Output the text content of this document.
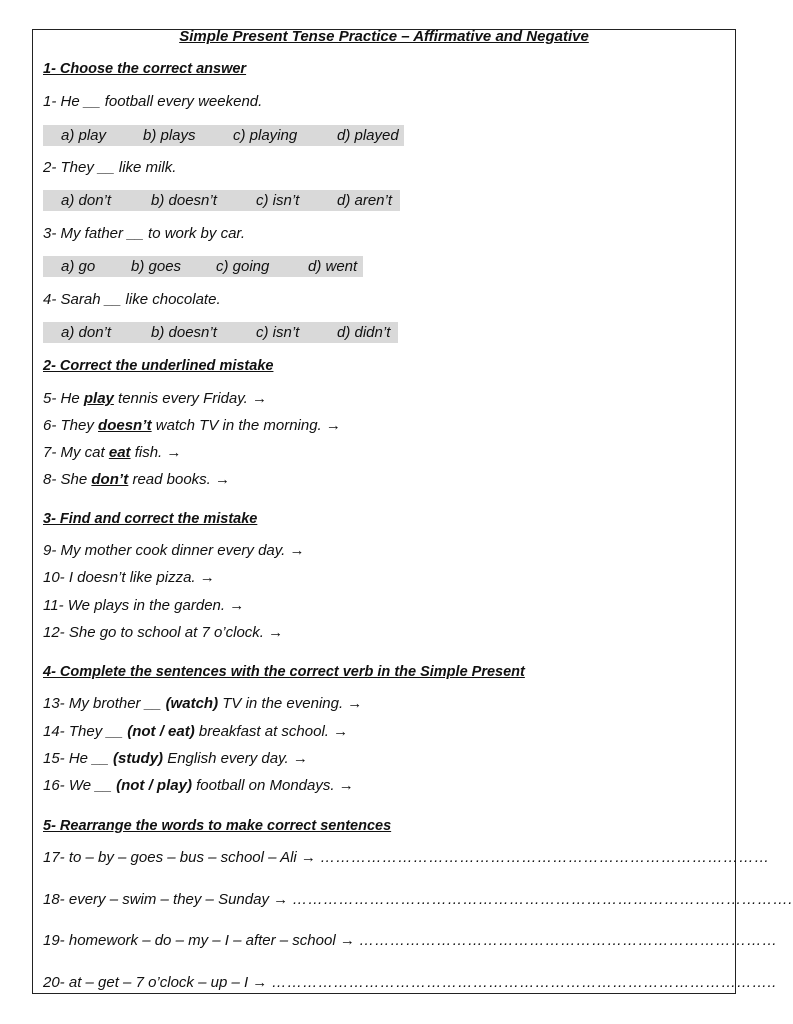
Simple Present Tense Practice – Affirmative and Negative
1- Choose the correct answer
1- He __ football every weekend.
a) play b) plays c) playing	d) played
2- They __ like milk.
a) don’t	b) doesn’t	c) isn’t	d) aren’t
3- My father __ to work by car.
a) go b) goes c) going	d) went
4- Sarah __ like chocolate.
a) don’t	b) doesn’t	c) isn’t	d) didn’t
2- Correct the underlined mistake
5- He play tennis every Friday. →
6- They doesn’t watch TV in the morning. →
7- My cat eat fish. →
8- She don’t read books. →
3- Find and correct the mistake
9- My mother cook dinner every day. →
10- I doesn’t like pizza. →
11- We plays in the garden. →
12- She go to school at 7 o’clock. →
4- Complete the sentences with the correct verb in the Simple Present
13- My brother __ (watch) TV in the evening. →
14- They __ (not / eat) breakfast at school. →
15- He __ (study) English every day. →
16- We __ (not / play) football on Mondays. →
5- Rearrange the words to make correct sentences
17- to – by – goes – bus – school – Ali → ……………………………………………………………………………
18- every – swim – they – Sunday → …………………………………………………………………………………….
19- homework – do – my – I – after – school → ………………………………………………………………………
20- at – get – 7 o’clock – up – I → ……………………………………………………………………………………..
